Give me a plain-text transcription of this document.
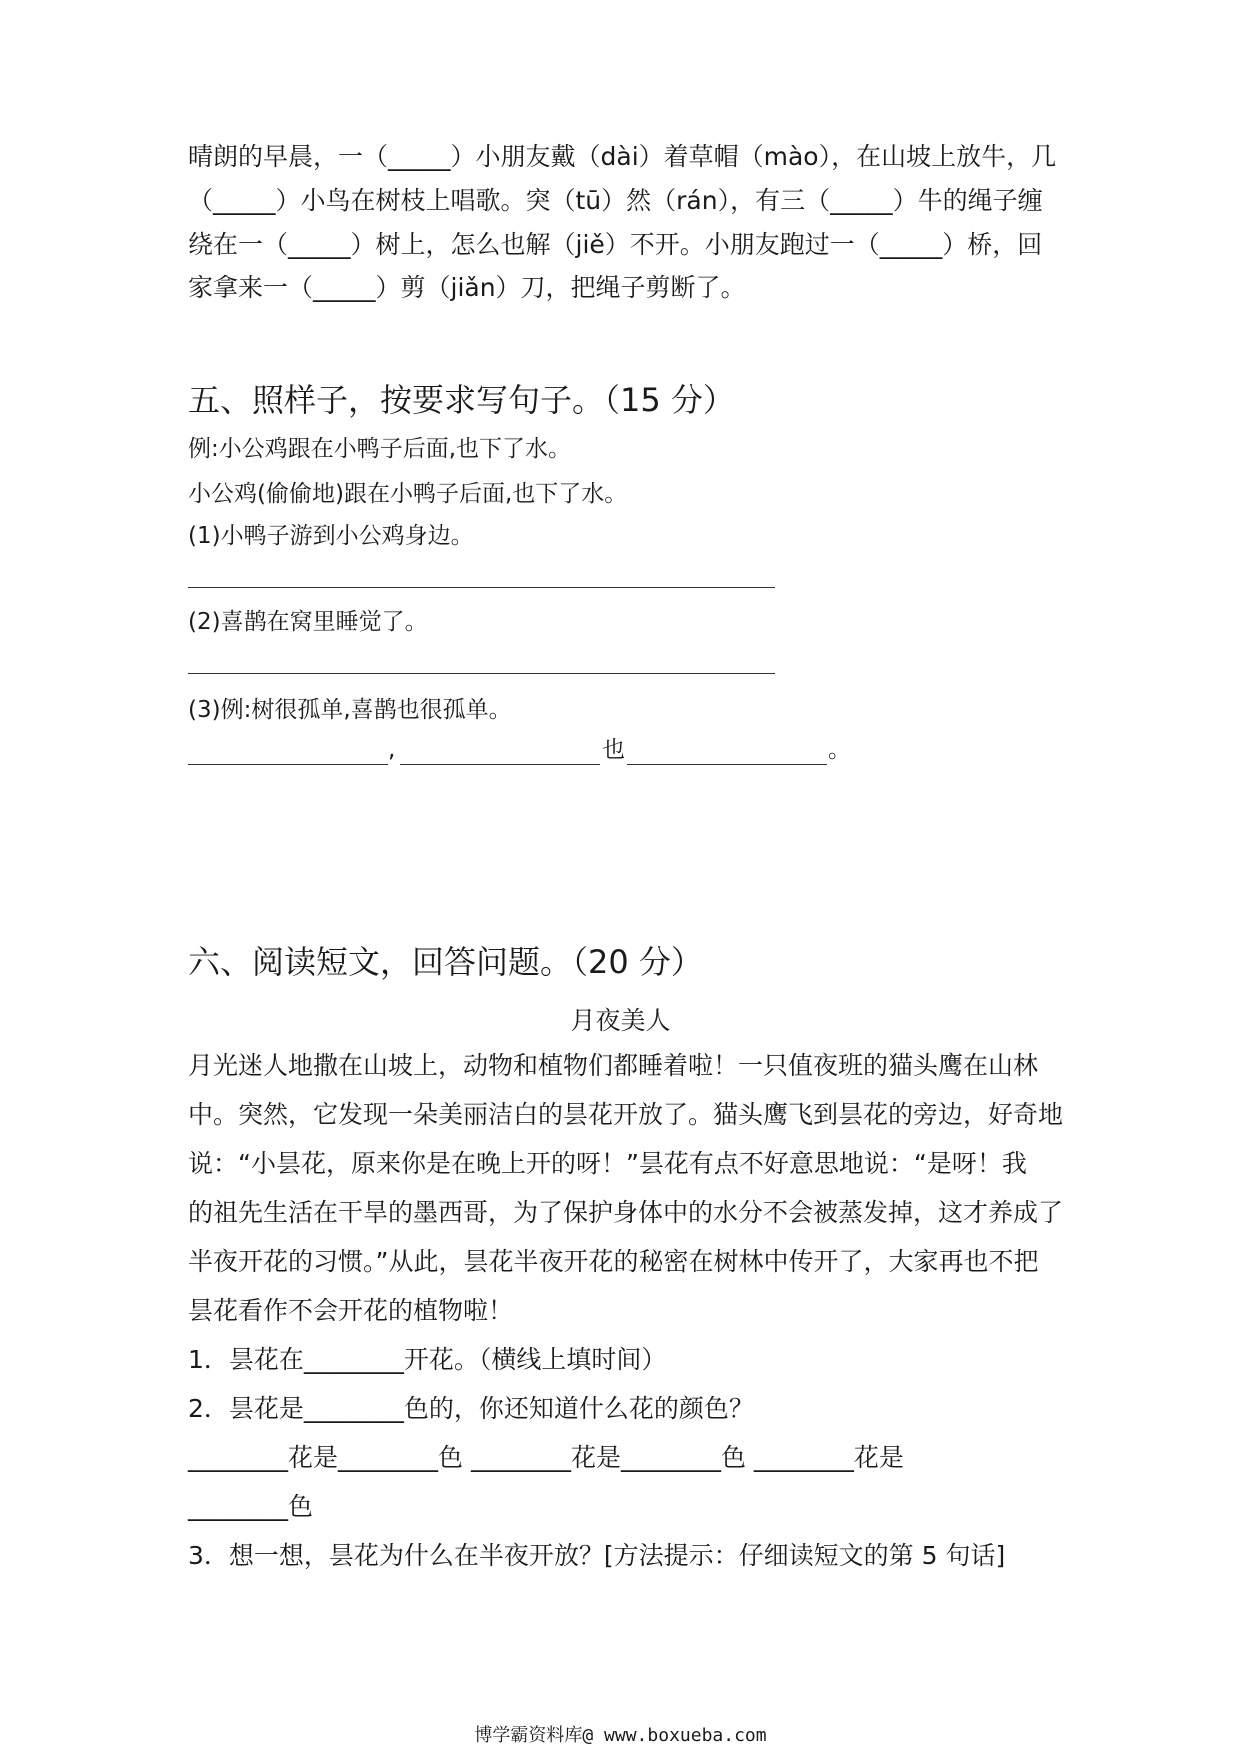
晴朗的早晨，一（_____）小朋友戴（dài）着草帽（mào），在山坡上放牛，几
（_____）小鸟在树枝上唱歌。突（tū）然（rán），有三（_____）牛的绳子缠
绕在一（_____）树上，怎么也解（jiě）不开。小朋友跑过一（_____）桥，回
家拿来一（_____）剪（jiǎn）刀，把绳子剪断了。
五、照样子，按要求写句子。（15 分）
例:小公鸡跟在小鸭子后面,也下了水。
小公鸡(偷偷地)跟在小鸭子后面,也下了水。
(1)小鸭子游到小公鸡身边。
(2)喜鹊在窝里睡觉了。
(3)例:树很孤单,喜鹊也很孤单。
,	也	。
六、阅读短文，回答问题。（20 分）
月夜美人
月光迷人地撒在山坡上，动物和植物们都睡着啦！一只值夜班的猫头鹰在山林
中。突然，它发现一朵美丽洁白的昙花开放了。猫头鹰飞到昙花的旁边，好奇地
说：“小昙花，原来你是在晚上开的呀！”昙花有点不好意思地说：“是呀！我
的祖先生活在干旱的墨西哥，为了保护身体中的水分不会被蒸发掉，这才养成了
半夜开花的习惯。”从此，昙花半夜开花的秘密在树林中传开了，大家再也不把
昙花看作不会开花的植物啦！
1．昙花在________开花。（横线上填时间）
2．昙花是________色的，你还知道什么花的颜色？
________花是________色 ________花是________色 ________花是
________色
3．想一想，昙花为什么在半夜开放？[方法提示：仔细读短文的第 5 句话]
博学霸资料库@ www.boxueba.com
